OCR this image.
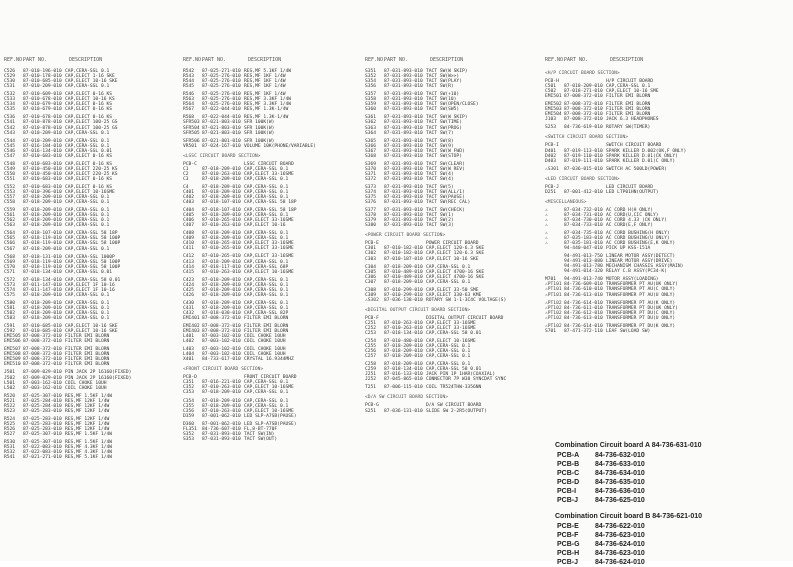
REF.NO.
PART NO.	DESCRIPTION
C526	87-010-196-010 CAP,CERA-SSL 0.1
C529	87-010-178-010 CAP,ELECT 1-16 SKE
C530	87-010-685-010 CAP,ELECT 10-16 SKE
C531	87-010-209-010 CAP,CERA-SSL 0.1
C532	87-010-609-010 CAP,ELECT 0-16 KS
C533	87-010-678-010 CAP,ELECT 10-16 KS
C534	87-010-679-010 CAP,ELECT 0-16 KS
C535	87-010-679-010 CAP,ELECT 0-16 KS
C536	87-010-678-010 CAP,ELECT 0-16 KS
C541	87-010-878-010 CAP,ELECT 100-25 GS
C542	87-010-878-010 CAP,ELECT 100-25 GS
C543	87-010-209-010 CAP,CERA-SSL 0.1
C544	87-010-209-010 CAP,CERA-SSL 0.1
C545	87-016-184-010 CAP,CERA-SSL 0.1
C546	87-016-134-010 CAP,CERA-SSL 0.01
C547	87-010-683-010 CAP,ELECT 0-16 KS
C548	87-010-683-010 CAP,ELECT 0-16 KS
C549	87-010-450-010 CAP,ELECT 220-25 KS
C550	87-010-450-010 CAP,ELECT 220-25 KS
C551	87-010-683-010 CAP,ELECT 0-16 KS
C552	87-010-683-010 CAP,ELECT 0-16 KS
C553	87-010-396-010 CAP,ELECT 10-16SME
C557	87-018-209-010 CAP,CERA-SSL 0.1
C558	87-018-209-010 CAP,CERA-SSL 0.1
C559	87-018-209-010 CAP,CERA-SSL 0.1
C561	87-018-209-010 CAP,CERA-SSL 0.1
C562	87-018-209-010 CAP,CERA-SSL 0.1
C563	87-018-209-010 CAP,CERA-SSL 0.1
C564	87-018-107-010 CAP,CERA-SSL 58 18P
C565	87-018-119-010 CAP,CERA-SSL 58 100P
C566	87-018-119-010 CAP,CERA-SSL 58 100P
C567	87-018-209-010 CAP,CERA-SSL 0.1
C568	87-018-131-010 CAP,CERA-SSL 1000P
C569	87-018-119-010 CAP,CERA-SSL 58 100P
C570	87-018-119-010 CAP,CERA-SSL 58 100P
C571	87-018-134-010 CAP,CERA-SSL 0.01
C572	87-018-134-010 CAP,CERA-SSL 58 0.01
C573	87-011-147-010 CAP,ELECT 1F 10-16
C574	87-011-147-010 CAP,ELECT 1F 10-16
C575	87-018-209-010 CAP,CERA-SSL 0.1
C580	87-018-209-010 CAP,CERA-SSL 0.1
C581	87-018-209-010 CAP,CERA-SSL 0.1
C582	87-018-209-010 CAP,CERA-SSL 0.1
C583	87-018-209-010 CAP,CERA-SSL 0.1
C591	87-010-685-010 CAP,ELECT 10-16 SKE
C592	87-010-685-010 CAP,ELECT 10-16 SKE
EMI505 87-008-372-010 FILTER EMI BLORN
EMI506 87-008-372-010 FILTER EMI BLORN
EMI507 87-008-372-010 FILTER EMI BLORN
EMI508 87-008-372-010 FILTER EMI BLORN
EMI509 87-008-372-010 FILTER EMI BLORN
EMI510 87-008-372-010 FILTER EMI BLORN
J501	87-009-029-010 PIN JACK 2P 16160(FIXED)
J502	87-009-029-010 PIN JACK 2P 16160(FIXED)
L501	87-003-162-010 COIL CHOKE 10UH
L502	87-003-162-010 COIL CHOKE 10UH
R520	87-025-307-010 RES,MF 1.5KF 1/4W
R521	87-025-284-010 RES,MF 12KF 1/4W
R522	87-025-284-010 RES,MF 12KF 1/4W
R523	87-025-283-010 RES,MF 12KF 1/4W
R524	87-025-283-010 RES,MF 12KF 1/4W
R525	87-025-283-010 RES,MF 12KF 1/4W
R526	87-025-283-010 RES,MF 12KF 1/4W
R527	87-025-307-010 RES,MF 1.5KF 1/4W
R530	87-025-307-010 RES,MF 1.5KF 1/4W
R531	87-022-083-010 RES,MF 4.3KF 1/4W
R532	87-022-083-010 RES,MF 4.3KF 1/4W
R541	87-021-271-010 RES,MF 5.1KF 1/4W
REF.NO.
PART NO.	DESCRIPTION
R542	87-025-271-010 RES,MF 5.1KF 1/4W
R543	87-025-276-010 RES,MF 1KF 1/4W
R544	87-025-276-010 RES,MF 1KF 1/4W
R545	87-025-276-010 RES,MF 1KF 1/4W
R546	87-025-276-010 RES,MF 1KF 1/4W
R563	87-025-276-010 RES,MF 3.3KF 1/4W
R564	87-025-276-010 RES,MF 3.3KF 1/4W
R567	87-022-044-010 RES,MF 1.3K-1/4W
R568	87-022-044-010 RES,MF 1.3K-1/4W
SFR503 87-021-803-010 SFR 100K(W)
SFR504 87-021-803-010 SFR 100K(W)
SFR505 87-021-803-010 SFR 100K(W)
SFR506 87-021-801-010 SFR 100K(W)
VR501	87-024-167-010 VOLUME 10K(PHONE/VARIABLE)
<LSSC CIRCUIT BOARD SECTION>
PCB-C	LSSC CIRCUIT BOARD
C1	87-018-209-010 CAP,CERA-SSL 0.1
C2	87-010-263-010 CAP,ELECT 33-16SME
C3	87-018-209-010 CAP,CERA-SSL 0.1
C4	87-018-209-010 CAP,CERA-SSL 0.1
C401	87-018-209-010 CAP,CERA-SSL 0.1
C402	87-018-209-010 CAP,CERA-SSL 0.1
C403	87-018-107-010 CAP,CERA-SSL 58 18P
C404	87-018-107-010 CAP,CERA-SSL 58 18P
C405	87-018-209-010 CAP,CERA-SSL 0.1
C406	87-010-265-010 CAP,ELECT 33-16SME
C407	87-010-263-010 CAP,ELECT 10-16
C408	87-018-209-010 CAP,CERA-SSL 0.1
C409	87-018-209-010 CAP,CERA-SSL 0.1
C410	87-010-265-010 CAP,ELECT 33-16SME
C411	87-010-265-010 CAP,ELECT 33-16SME
C412	87-010-265-010 CAP,ELECT 33-16SME
C413	87-018-209-010 CAP,CERA-SSL 0.1
C414	87-018-117-010 CAP,CERA-SSL 68P
C415	87-010-263-010 CAP,ELECT 10-16SME
C423	87-018-209-010 CAP,CERA-SSL 0.1
C424	87-018-209-010 CAP,CERA-SSL 0.1
C425	87-018-209-010 CAP,CERA-SSL 0.1
C426	87-018-209-010 CAP,CERA-SSL 0.1
C430	87-018-209-010 CAP,CERA-SSL 0.1
C431	87-018-209-010 CAP,CERA-SSL 0.1
C432	87-018-030-010 CAP,CERA-SSL 82P
EMI401 87-008-372-010 FILTER EMI BLORN
EMI402 87-008-372-010 FILTER EMI BLORN
EMI403 87-008-372-010 FILTER EMI BLORN
L401	87-003-102-010 COIL CHOKE 10UH
L402	87-003-102-010 COIL CHOKE 10UH
L403	87-003-102-010 COIL CHOKE 10UH
L404	87-003-102-010 COIL CHOKE 10UH
X401	84-733-617-010 CRYSTAL 16.9344MHZ
<FRONT CIRCUIT BOARD SECTION>
PCB-D	FRONT CIRCUIT BOARD
C351	87-016-221-010 CAP,CERA-SSL 0.1
C352	87-010-263-010 CAP,ELECT 10-16SME
C353	87-018-209-010 CAP,CERA-SSL 0.1
C354	87-018-209-010 CAP,CERA-SSL 0.1
C355	87-018-209-010 CAP,CERA-SSL 0.1
C356	87-010-263-010 CAP,ELECT 10-16SME
D359	87-001-062-010 LED SLP-A7SB(PAUSE)
D360	87-001-062-010 LED SLP-A7SB(PAUSE)
FL351	84-736-607-010 FL,8-BT-770F
S352	87-031-893-010 TACT SW(IN)
S353	87-031-893-010 TACT SW(OUT)
REF.NO.
PART NO.	DESCRIPTION
S351	87-031-893-010 TACT SW(W SKIP)
S352	87-031-893-010 TACT SW(W>>)
S354	87-031-893-010 TACT SW(PLAY)
S356	87-031-893-010 TACT SW(R)
S357	87-031-893-010 TACT SW(+10)
S358	87-031-893-010 TACT SW(10)
S359	87-031-893-010 TACT SW(OPEN/CLOSE)
S360	87-031-893-010 TACT SW(SW5)
S361	87-031-893-010 TACT SW(W SKIP)
S362	87-031-893-010 TACT SW(TIME)
S363	87-031-893-010 TACT SW(PROG)
S364	87-031-893-010 TACT SW(7)
S365	87-031-893-010 TACT SW(8)
S366	87-031-893-010 TACT SW(9)
S367	87-031-893-010 TACT SW(W FWD)
S368	87-031-893-010 TACT SW(STOP)
S369	87-031-893-010 TACT SW(CLEAR)
S370	87-031-893-010 TACT SW(W REV)
S371	87-031-893-010 TACT SW(4)
S372	87-031-893-010 TACT SW(4)
S373	87-031-893-010 TACT SW(5)
S374	87-031-893-010 TACT SW(ALL/1)
S375	87-031-893-010 TACT SW(PAUSE)
S376	87-031-893-010 TACT SW(REC CAL)
S377	87-031-893-010 TACT SW(CHECK)
S378	87-031-893-010 TACT SW(1)
S379	87-031-893-010 TACT SW(2)
S380	87-031-893-010 TACT SW(3)
<POWER CIRCUIT BOARD SECTION>
PCB-E	POWER CIRCUIT BOARD
C301	87-010-182-010 CAP,ELECT 120-6.3 SKE
C302	87-010-182-010 CAP,ELECT 120-6.3 SKE
C303	87-010-187-010 CAP,ELECT 10-16 SKE
C304	87-018-209-010 CAP,CERA-SSL 0.1
C305	87-010-489-010 CAP,ELECT 4700-16 SKE
C306	87-010-489-010 CAP,ELECT 4700-16 SKE
C307	87-018-209-010 CAP,CERA-SSL 0.1
C308	87-010-299-010 CAP,ELECT 33-50 SME
C309	87-010-299-010 CAP,ELECT 330-63 KME
⚠S302	87-036-138-010 ROTARY SW 1-1-3C4C VOLTAGE(S)
<DIGITAL OUTPUT CIRCUIT BOARD SECTION>
PCB-F	DIGITAL OUTPUT CIRCUIT BOARD
C251	87-010-263-010 CAP,ELECT 33-16SME
C252	87-010-263-010 CAP,ELECT 33-16SME
C253	87-018-134-010 CAP,CERA-SSL 58 0.01
C254	87-010-480-010 CAP,ELECT 10-16SME
C255	87-018-209-010 CAP,CERA-SSL 0.1
C256	87-018-209-010 CAP,CERA-SSL 0.1
C257	87-018-209-010 CAP,CERA-SSL 0.1
C258	87-018-209-010 CAP,CERA-SSL 0.1
C259	87-018-134-010 CAP,CERA-SSL 58 0.01
J251	87-016-133-010 JACK PIN 1P 1HAR(COAXIAL)
J252	87-045-865-010 CONNECTOR 7P W38 SYNCDAT SYNC
T251	87-006-115-010 COIL TR524THW-3356NN
<D/A SW CIRCUIT BOARD SECTION>
PCB-G	D/A SW CIRCUIT BOARD
S251	87-036-131-010 SLIDE SW 2-2R5(OUTPUT)
REF.NO.
PART NO.	DESCRIPTION
<H/P CIRCUIT BOARD SECTION>
PCB-H	H/P CIRCUIT BOARD
C501	87-018-209-010 CAP,CERA-SSL 0.1
C502	87-018-271-010 CAP,ELECT 10-16 SME
EMI501 87-008-372-010 FILTER EMI BLORN
EMI502 87-008-372-010 FILTER EMI BLORN
EMI503 87-008-372-010 FILTER EMI BLORN
EMI504 87-008-372-010 FILTER EMI BLORN
J103	87-008-372-010 JACK 6.3 HEADPHONES
S253	84-736-619-010 ROTARY SW(TIMER)
<SWITCH CIRCUIT BOARD SECTION>
PCB-I	SWITCH CIRCUIT BOARD
D401	87-019-113-010 SPARK KILLER D.002(OK,F ONLY)
D402	87-019-110-010 SPARK KILLER D.01(CK ONLY)
D403	87-019-111-010 SPARK KILLER D.01(C ONLY)
⚠S301	87-036-015-010 SWITCH AC 500LD(POWER)
<LED CIRCUIT BOARD SECTION>
PCB-J	LED CIRCUIT BOARD
D251	87-001-412-010 LED LTP01HN(OUTPUT)
<MISCELLANEOUS>
⚠	87-034-732-010 AC CORD H(H ONLY)
⚠	87-034-731-010 AC CORD(U,CIC ONLY)
⚠	87-034-730-010 AC CORD 4.33 (CK ONLY)
⚠	87-034-733-010 AC CORD(E,F ONLY)
⚠	87-034-735-010 AC CORD BUSHING(H ONLY)
⚠	87-035-183-010 AC CORD BUSHING(U ONLY)
⚠	87-035-181-010 AC CORD BUSHING(E,K ONLY)
94-440-047-010 PICK UP KSS-151A
94-491-013-750 LINEAR MOTOR ASSY(DETECT)
94-491-013-880 LINEAR MOTOR ASSY(DRIVE)
94-491-013-780 MECHANISM CHASSIS ASSY(MAIN)
94-491-014-320 RELAY C.B ASSY(PC34-K)
M701	94-491-013-740 MOTOR ASSY(LOADING)
⚠PT101 84-736-609-010 TRANSFORMER PT AU(UK ONLY)
⚠PT101 84-736-610-010 TRANSFORMER PT AU(C ONLY)
⚠PT101 84-736-613-010 TRANSFORMER PT AU(U ONLY)
⚠PT102 84-736-614-010 TRANSFORMER PT AU(K ONLY)
⚠PT102 84-736-611-010 TRANSFORMER PT DU(UK ONLY)
⚠PT102 84-736-612-010 TRANSFORMER PT DU(C ONLY)
⚠PT102 84-736-613-010 TRANSFORMER PT DU(U ONLY)
⚠PT102 84-736-614-010 TRANSFORMER PT DU(K ONLY)
S701	87-471-372-110 LEAF SW(LOAD SW)
Combination Circuit board A 84-736-631-010
PCB-A 84-736-632-010
PCB-B 84-736-633-010
PCB-C 84-736-634-010
PCB-D 84-736-635-010
PCB-I	84-736-636-010
PCB-J 84-736-625-010
Combination Circuit board B 84-736-621-010
PCB-E 84-736-622-010
PCB-F 84-736-623-010
PCB-G 84-736-624-010
PCB-H 84-736-623-010
PCB-J 84-736-624-010
